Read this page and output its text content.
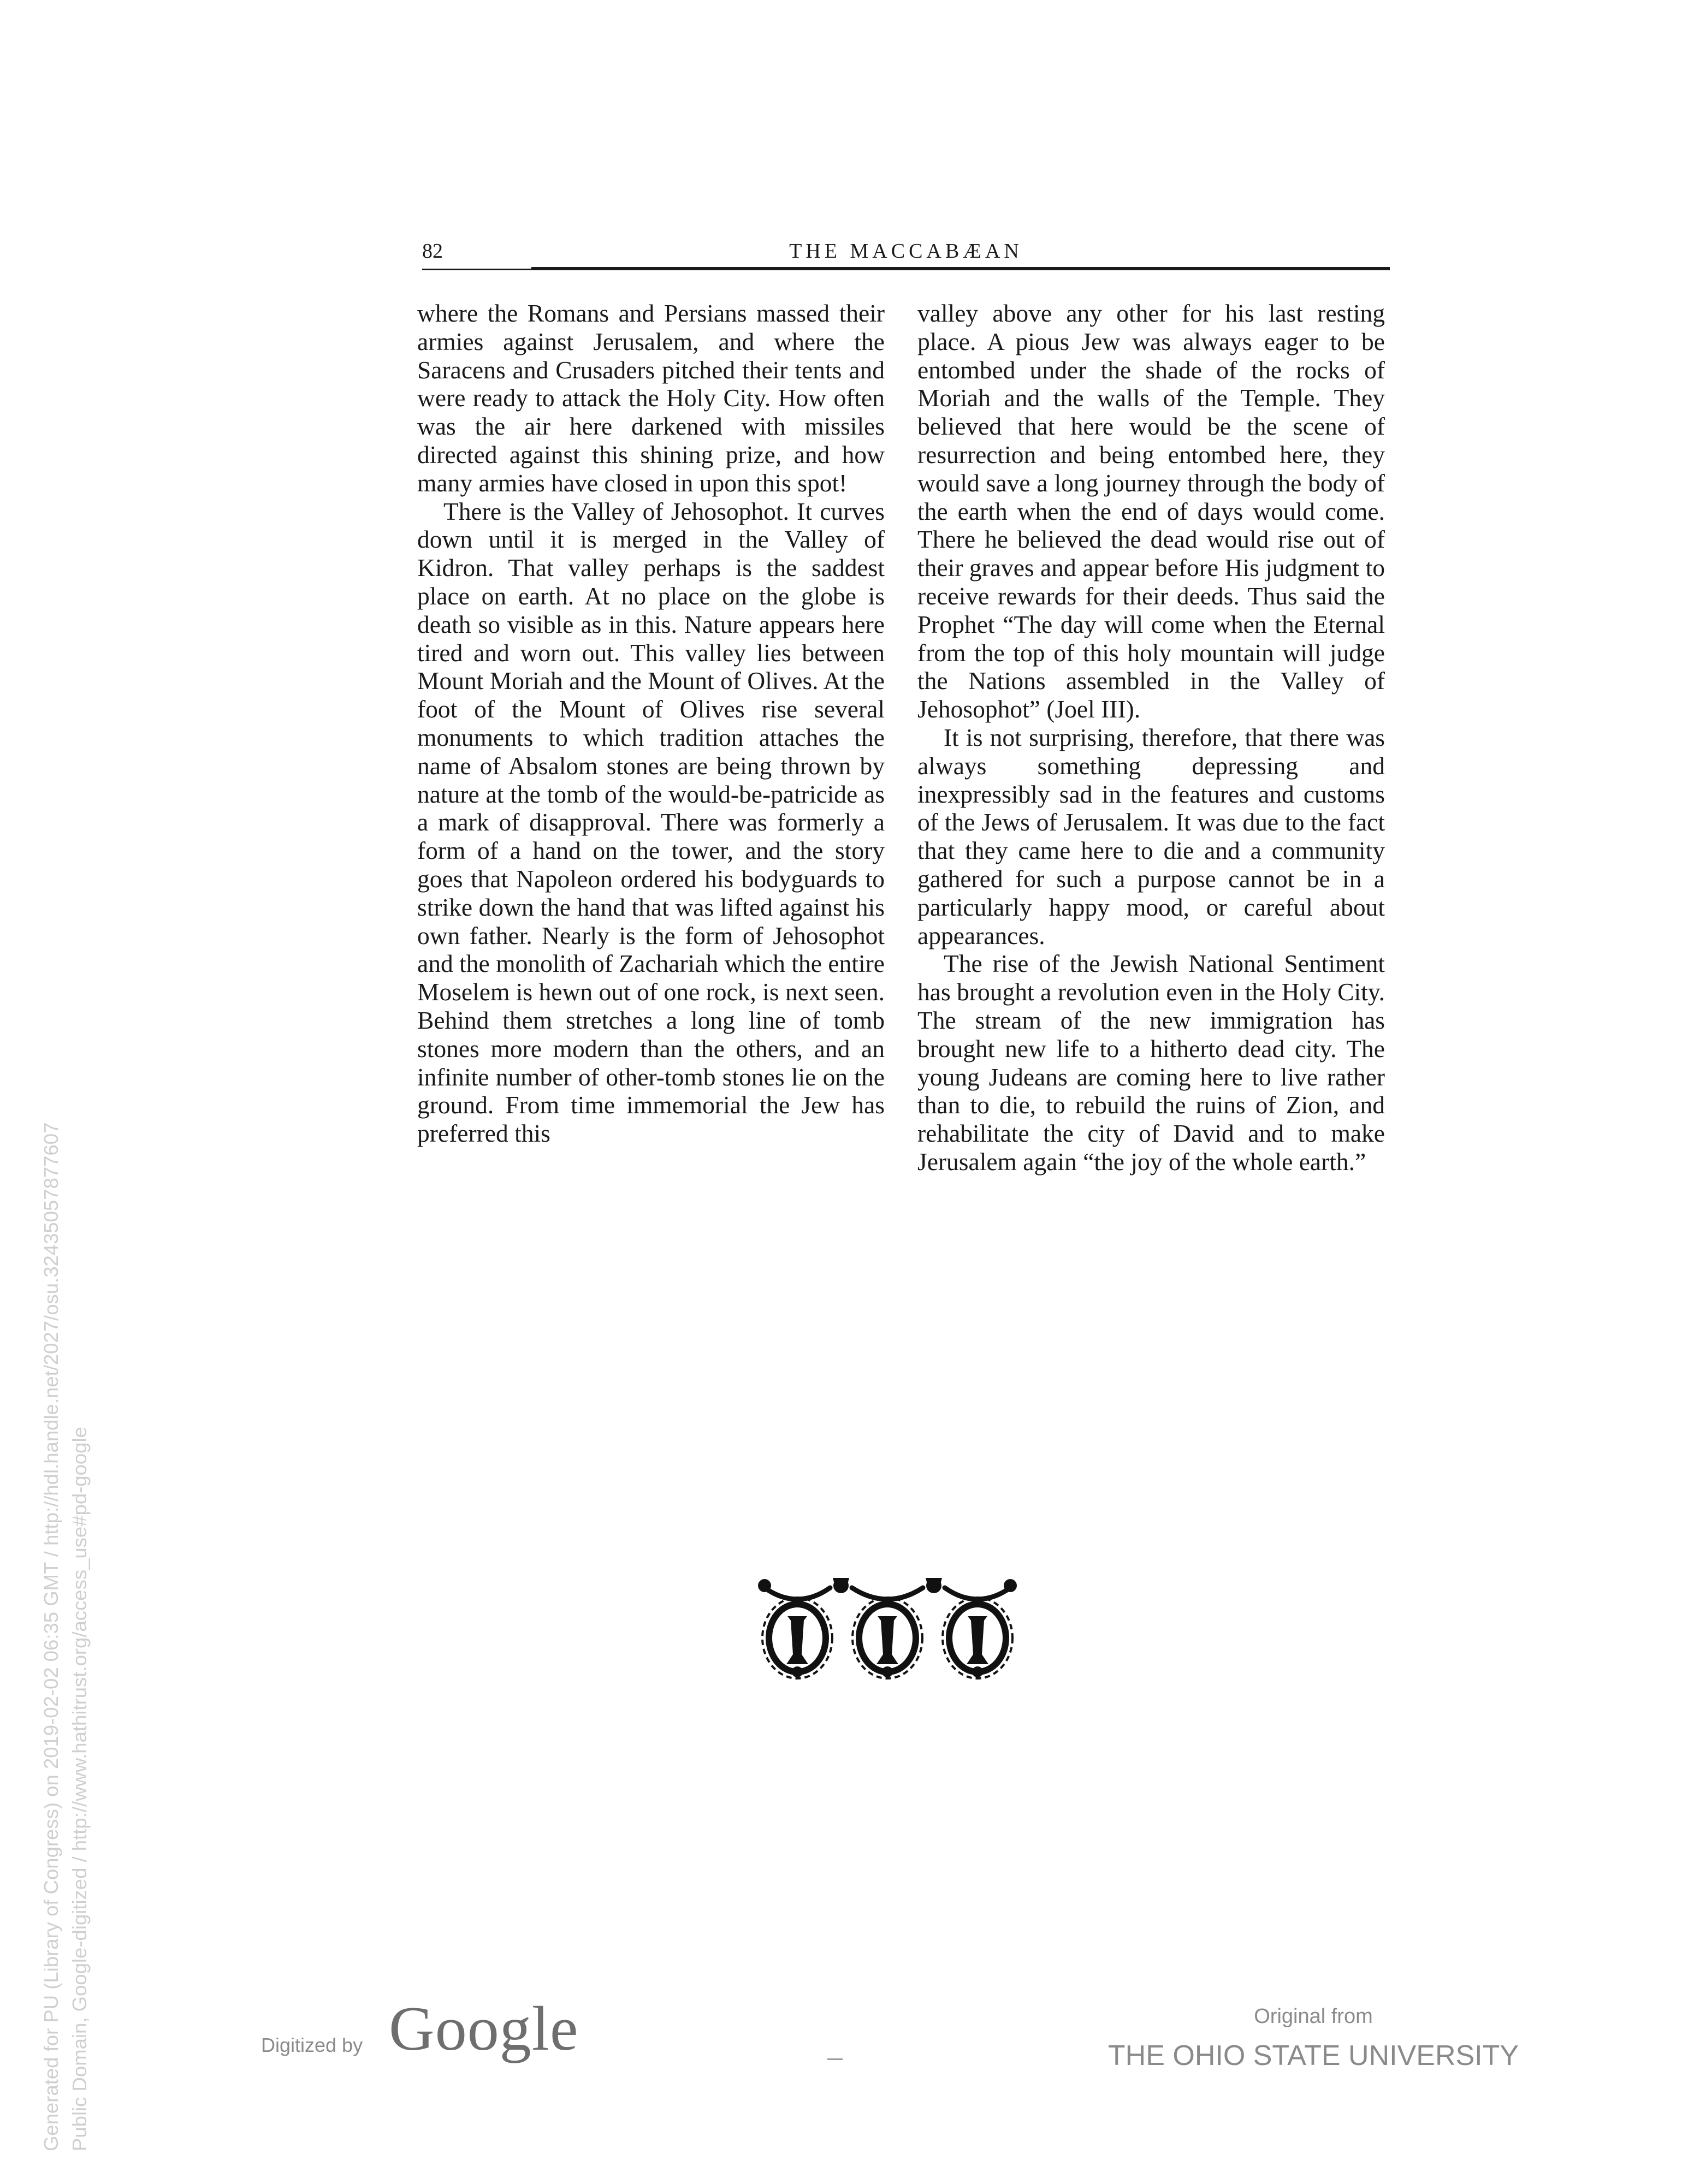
82	THE MACCABÆAN

where the Romans and Persians massed their armies against Jerusalem, and where the Saracens and Crusaders pitched their tents and were ready to attack the Holy City. How often was the air here darkened with missiles directed against this shining prize, and how many armies have closed in upon this spot!

There is the Valley of Jehosophot. It curves down until it is merged in the Valley of Kidron. That valley perhaps is the saddest place on earth. At no place on the globe is death so visible as in this. Nature appears here tired and worn out. This valley lies between Mount Moriah and the Mount of Olives. At the foot of the Mount of Olives rise several monuments to which tradition attaches the name of Absalom stones are being thrown by nature at the tomb of the would-be-patricide as a mark of disapproval. There was formerly a form of a hand on the tower, and the story goes that Napoleon ordered his bodyguards to strike down the hand that was lifted against his own father. Nearly is the form of Jehosophot and the monolith of Zachariah which the entire Moselem is hewn out of one rock, is next seen. Behind them stretches a long line of tomb stones more modern than the others, and an infinite number of other-tomb stones lie on the ground. From time immemorial the Jew has preferred this

valley above any other for his last resting place. A pious Jew was always eager to be entombed under the shade of the rocks of Moriah and the walls of the Temple. They believed that here would be the scene of resurrection and being entombed here, they would save a long journey through the body of the earth when the end of days would come. There he believed the dead would rise out of their graves and appear before His judgment to receive rewards for their deeds. Thus said the Prophet “The day will come when the Eternal from the top of this holy mountain will judge the Nations assembled in the Valley of Jehosophot” (Joel III).

It is not surprising, therefore, that there was always something depressing and inexpressibly sad in the features and customs of the Jews of Jerusalem. It was due to the fact that they came here to die and a community gathered for such a purpose cannot be in a particularly happy mood, or careful about appearances.

The rise of the Jewish National Sentiment has brought a revolution even in the Holy City. The stream of the new immigration has brought new life to a hitherto dead city. The young Judeans are coming here to live rather than to die, to rebuild the ruins of Zion, and rehabilitate the city of David and to make Jerusalem again “the joy of the whole earth.”

Digitized by Google	Original from
THE OHIO STATE UNIVERSITY
Generated for PU (Library of Congress) on 2019-02-02 06:35 GMT / http://hdl.handle.net/2027/osu.32435057877607 Public Domain, Google-digitized / http://www.hathitrust.org/access_use#pd-google
